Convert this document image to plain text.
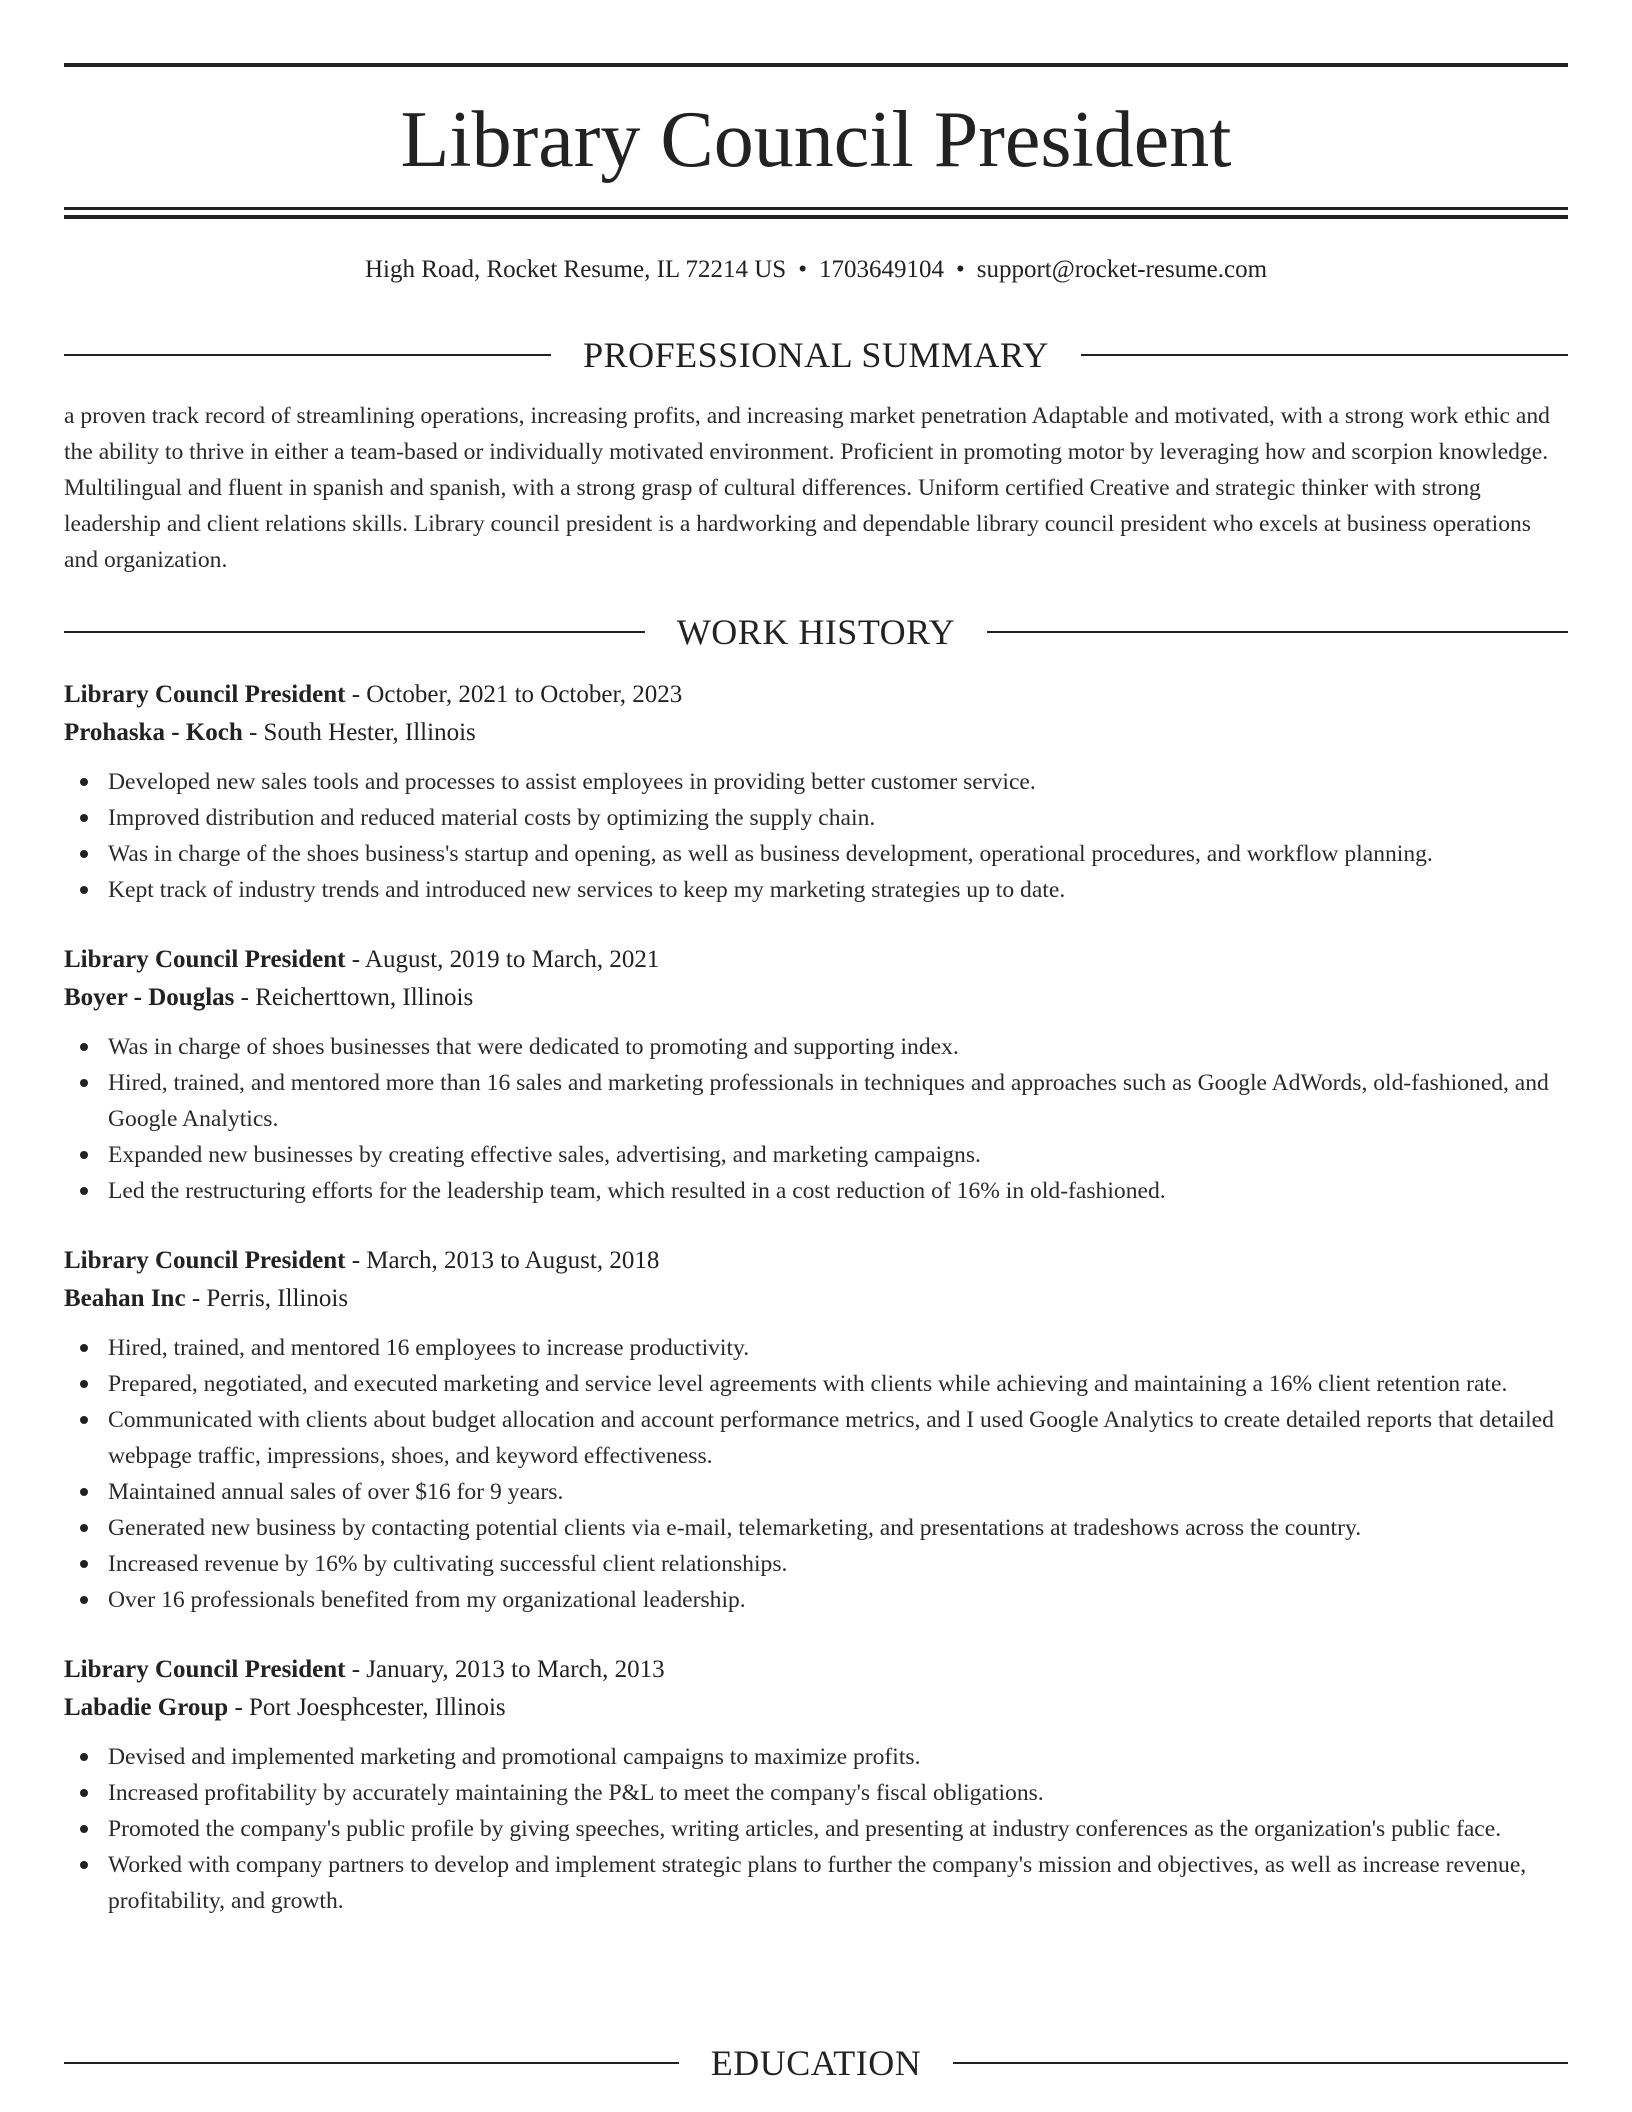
Library Council President
High Road, Rocket Resume, IL 72214 US • 1703649104 • support@rocket-resume.com
PROFESSIONAL SUMMARY

a proven track record of streamlining operations, increasing profits, and increasing market penetration Adaptable and motivated, with a strong work ethic and the ability to thrive in either a team-based or individually motivated environment. Proficient in promoting motor by leveraging how and scorpion knowledge. Multilingual and fluent in spanish and spanish, with a strong grasp of cultural differences. Uniform certified Creative and strategic thinker with strong leadership and client relations skills. Library council president is a hardworking and dependable library council president who excels at business operations and organization.

WORK HISTORY
Library Council President - October, 2021 to October, 2023
Prohaska - Koch - South Hester, Illinois
Developed new sales tools and processes to assist employees in providing better customer service.
Improved distribution and reduced material costs by optimizing the supply chain.
Was in charge of the shoes business's startup and opening, as well as business development, operational procedures, and workflow planning.
Kept track of industry trends and introduced new services to keep my marketing strategies up to date.
Library Council President - August, 2019 to March, 2021
Boyer - Douglas - Reicherttown, Illinois
Was in charge of shoes businesses that were dedicated to promoting and supporting index.
Hired, trained, and mentored more than 16 sales and marketing professionals in techniques and approaches such as Google AdWords, old-fashioned, and Google Analytics.
Expanded new businesses by creating effective sales, advertising, and marketing campaigns.
Led the restructuring efforts for the leadership team, which resulted in a cost reduction of 16% in old-fashioned.
Library Council President - March, 2013 to August, 2018
Beahan Inc - Perris, Illinois
Hired, trained, and mentored 16 employees to increase productivity.
Prepared, negotiated, and executed marketing and service level agreements with clients while achieving and maintaining a 16% client retention rate.
Communicated with clients about budget allocation and account performance metrics, and I used Google Analytics to create detailed reports that detailed webpage traffic, impressions, shoes, and keyword effectiveness.
Maintained annual sales of over $16 for 9 years.
Generated new business by contacting potential clients via e-mail, telemarketing, and presentations at tradeshows across the country.
Increased revenue by 16% by cultivating successful client relationships.
Over 16 professionals benefited from my organizational leadership.
Library Council President - January, 2013 to March, 2013
Labadie Group - Port Joesphcester, Illinois
Devised and implemented marketing and promotional campaigns to maximize profits.
Increased profitability by accurately maintaining the P&L to meet the company's fiscal obligations.
Promoted the company's public profile by giving speeches, writing articles, and presenting at industry conferences as the organization's public face.
Worked with company partners to develop and implement strategic plans to further the company's mission and objectives, as well as increase revenue, profitability, and growth.
EDUCATION
